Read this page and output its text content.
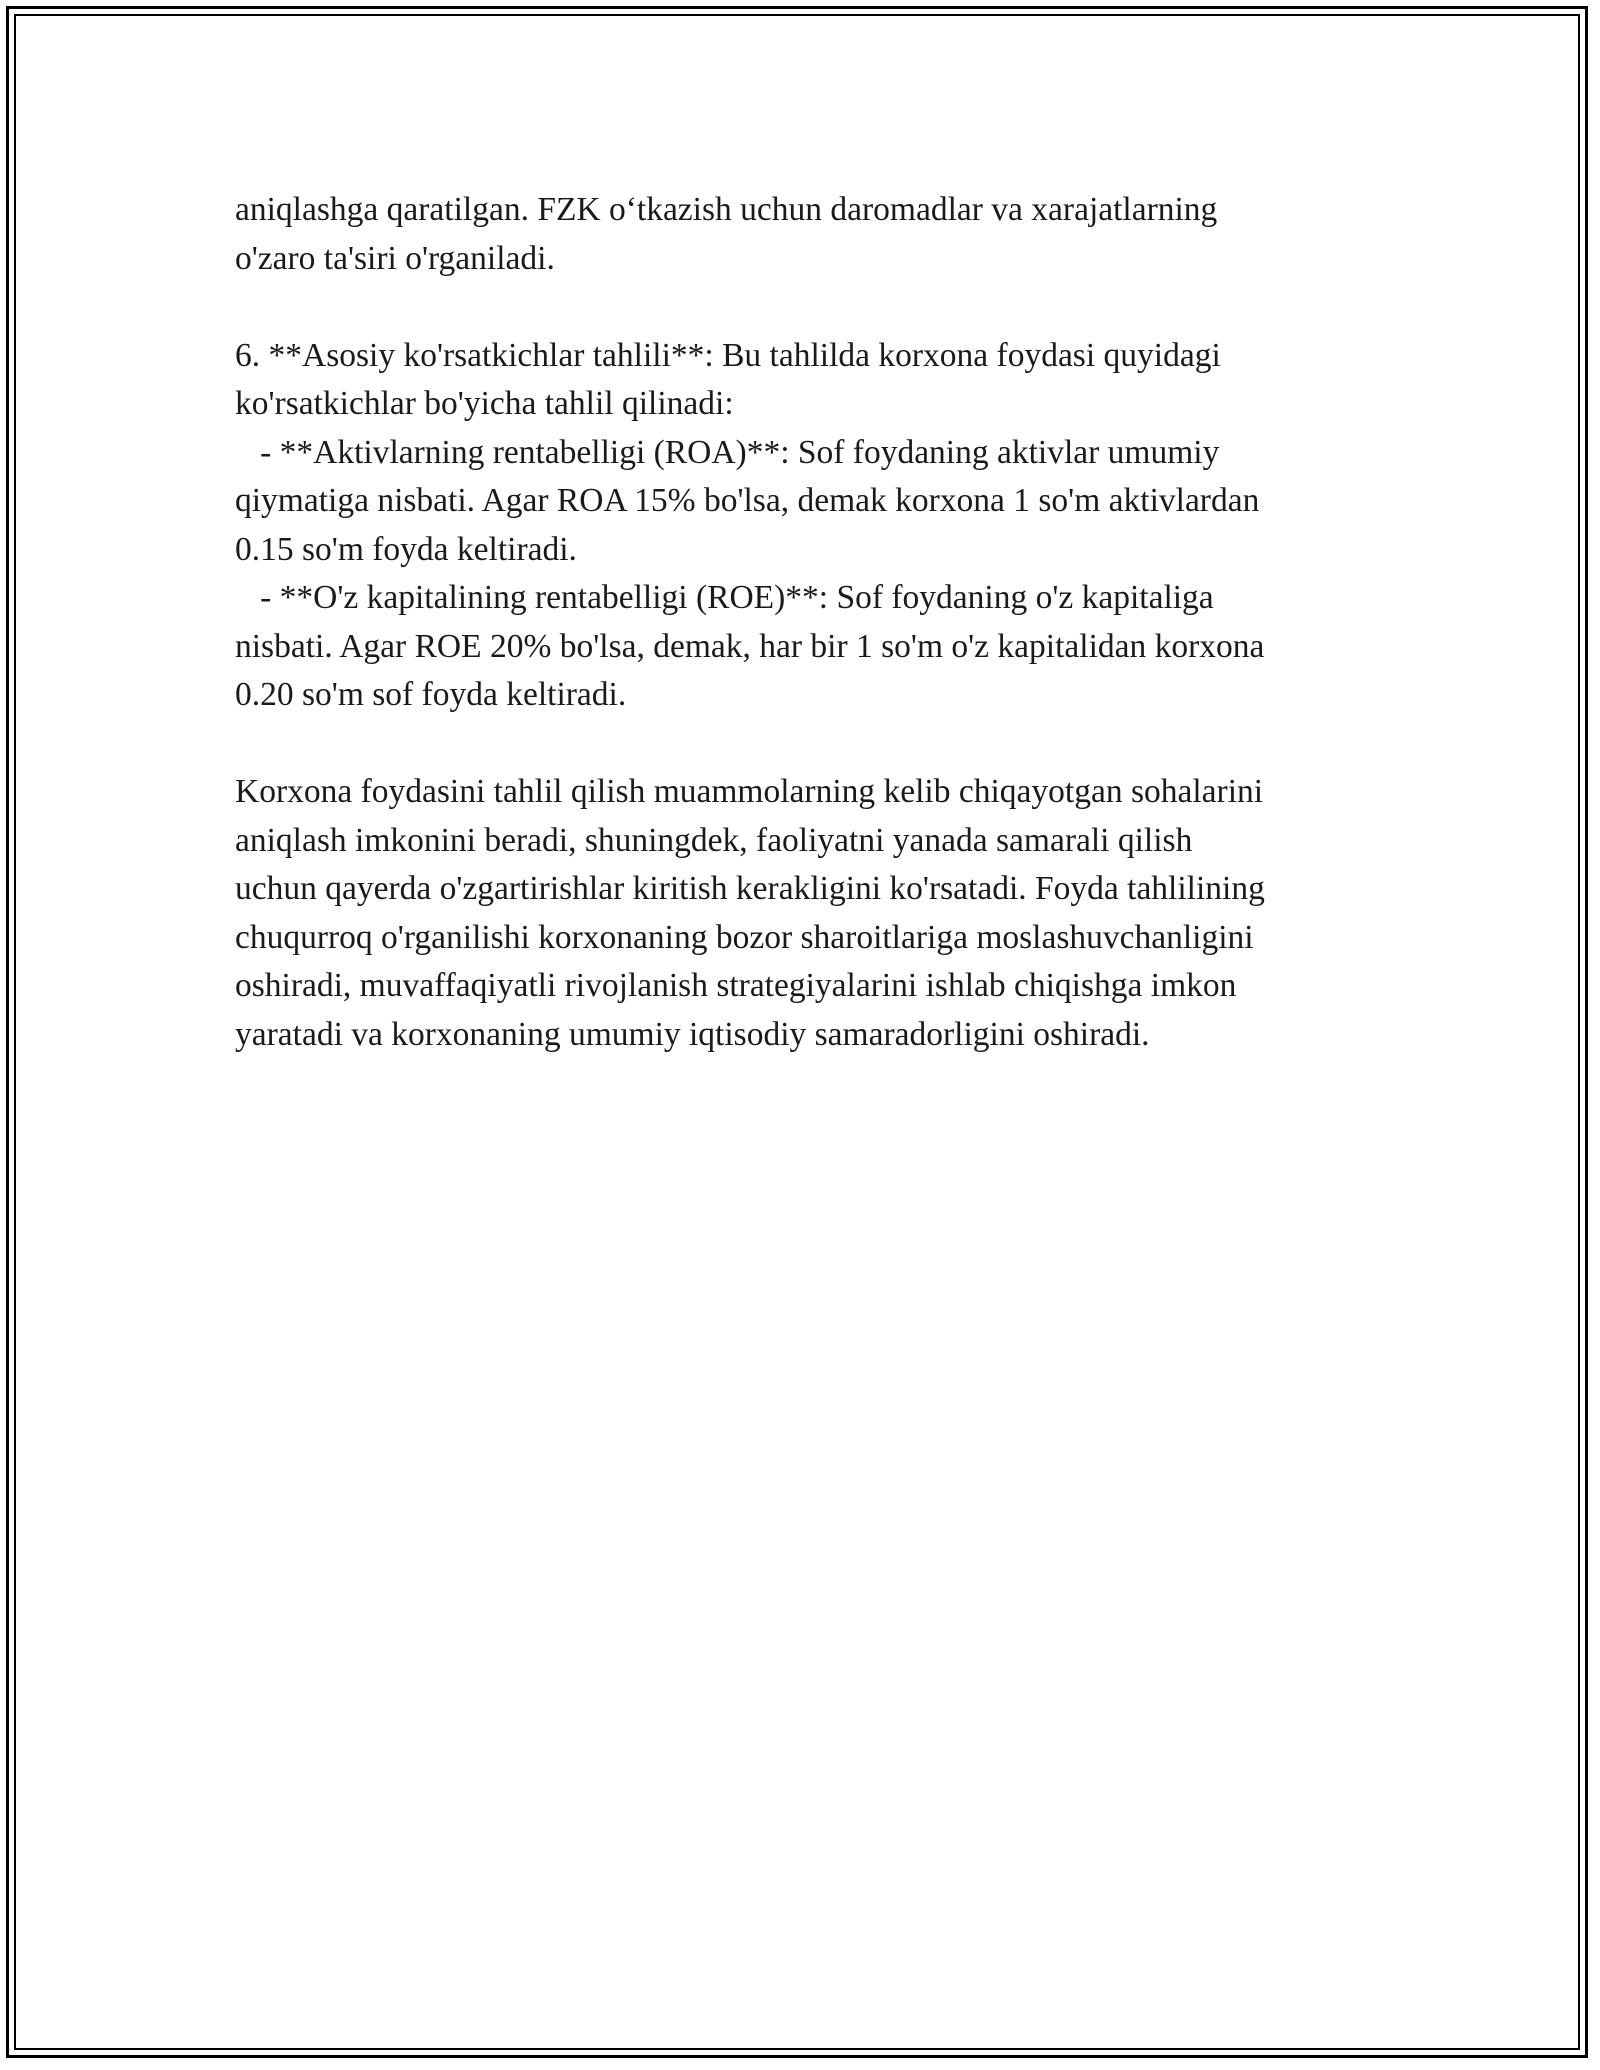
aniqlashga qaratilgan. FZK o‘tkazish uchun daromadlar va xarajatlarning
o'zaro ta'siri o'rganiladi.
6. **Asosiy ko'rsatkichlar tahlili**: Bu tahlilda korxona foydasi quyidagi
ko'rsatkichlar bo'yicha tahlil qilinadi:
- **Aktivlarning rentabelligi (ROA)**: Sof foydaning aktivlar umumiy
qiymatiga nisbati. Agar ROA 15% bo'lsa, demak korxona 1 so'm aktivlardan
0.15 so'm foyda keltiradi.
- **O'z kapitalining rentabelligi (ROE)**: Sof foydaning o'z kapitaliga
nisbati. Agar ROE 20% bo'lsa, demak, har bir 1 so'm o'z kapitalidan korxona
0.20 so'm sof foyda keltiradi.
Korxona foydasini tahlil qilish muammolarning kelib chiqayotgan sohalarini
aniqlash imkonini beradi, shuningdek, faoliyatni yanada samarali qilish
uchun qayerda o'zgartirishlar kiritish kerakligini ko'rsatadi. Foyda tahlilining
chuqurroq o'rganilishi korxonaning bozor sharoitlariga moslashuvchanligini
oshiradi, muvaffaqiyatli rivojlanish strategiyalarini ishlab chiqishga imkon
yaratadi va korxonaning umumiy iqtisodiy samaradorligini oshiradi.
